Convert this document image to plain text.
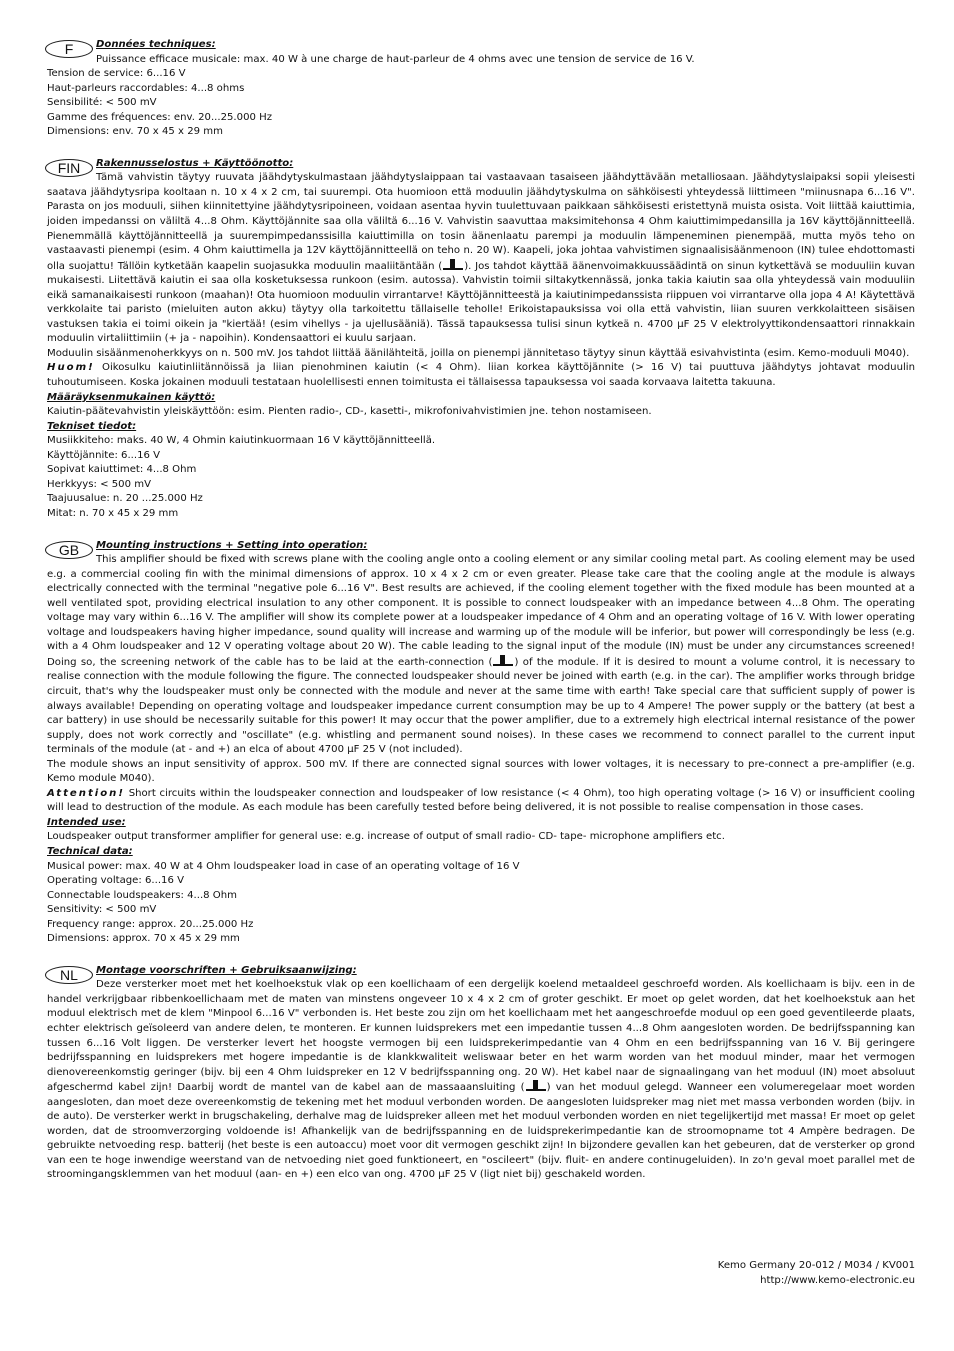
F	Données techniques:
Puissance efficace musicale: max. 40 W à une charge de haut-parleur de 4 ohms avec une tension de service de 16 V.
Tension de service: 6...16 V
Haut-parleurs raccordables: 4...8 ohms
Sensibilité: < 500 mV
Gamme des fréquences: env. 20...25.000 Hz
Dimensions: env. 70 x 45 x 29 mm
FIN	Rakennusselostus + Käyttöönotto:
Tämä vahvistin täytyy ruuvata jäähdytyskulmastaan jäähdytyslaippaan tai vastaavaan tasaiseen jäähdyttävään metalliosaan. Jäähdytyslaipaksi sopii yleisesti saatava jäähdytysripa kooltaan n. 10 x 4 x 2 cm, tai suurempi. Ota huomioon että moduulin jäähdytyskulma on sähköisesti yhteydessä liittimeen "miinusnapa 6...16 V". Parasta on jos moduuli, siihen kiinnitettyine jäähdytysripoineen, voidaan asentaa hyvin tuulettuvaan paikkaan sähköisesti eristettynä muista osista. Voit liittää kaiuttimia, joiden impedanssi on väliltä 4...8 Ohm. Käyttöjännite saa olla väliltä 6...16 V. Vahvistin saavuttaa maksimitehonsa 4 Ohm kaiuttimimpedansilla ja 16V käyttöjännitteellä. Pienemmällä käyttöjännitteellä ja suurempimpedanssisilla kaiuttimilla on tosin äänenlaatu parempi ja moduulin lämpeneminen pienempää, mutta myös teho on vastaavasti pienempi (esim. 4 Ohm kaiuttimella ja 12V käyttöjännitteellä on teho n. 20 W). Kaapeli, joka johtaa vahvistimen signaalisisäänmenoon (IN) tulee ehdottomasti olla suojattu! Tällöin kytketään kaapelin suojasukka moduulin maaliitäntään ( ). Jos tahdot käyttää äänenvoimakkuussäädintä on sinun kytkettävä se moduuliin kuvan mukaisesti. Liitettävä kaiutin ei saa olla kosketuksessa runkoon (esim. autossa). Vahvistin toimii siltakytkennässä, jonka takia kaiutin saa olla yhteydessä vain moduuliin eikä samanaikaisesti runkoon (maahan)! Ota huomioon moduulin virrantarve! Käyttöjännitteestä ja kaiutinimpedanssista riippuen voi virrantarve olla jopa 4 A! Käytettävä verkkolaite tai paristo (mieluiten auton akku) täytyy olla tarkoitettu tällaiselle teholle! Erikoistapauksissa voi olla että vahvistin, liian suuren verkkolaitteen sisäisen vastuksen takia ei toimi oikein ja "kiertää! (esim vihellys - ja ujellusääniä). Tässä tapauksessa tulisi sinun kytkeä n. 4700 µF 25 V elektrolyyttikondensaattori rinnakkain moduulin virtaliittimiin (+ ja - napoihin). Kondensaattori ei kuulu sarjaan.
Moduulin sisäänmenoherkkyys on n. 500 mV. Jos tahdot liittää äänilähteitä, joilla on pienempi jännitetaso täytyy sinun käyttää esivahvistinta (esim. Kemo-moduuli M040).
Huom! Oikosulku kaiutinliitännöissä ja liian pienohminen kaiutin (< 4 Ohm). liian korkea käyttöjännite (> 16 V) tai puuttuva jäähdytys johtavat moduulin tuhoutumiseen. Koska jokainen moduuli testataan huolellisesti ennen toimitusta ei tällaisessa tapauksessa voi saada korvaava laitetta takuuna.
Määräyksenmukainen käyttö:
Kaiutin-päätevahvistin yleiskäyttöön: esim. Pienten radio-, CD-, kasetti-, mikrofonivahvistimien jne. tehon nostamiseen.
Tekniset tiedot:
Musiikkiteho: maks. 40 W, 4 Ohmin kaiutinkuormaan 16 V käyttöjännitteellä.
Käyttöjännite: 6...16 V
Sopivat kaiuttimet: 4...8 Ohm
Herkkyys: < 500 mV
Taajuusalue: n. 20 ...25.000 Hz
Mitat: n. 70 x 45 x 29 mm
GB	Mounting instructions + Setting into operation:
This amplifier should be fixed with screws plane with the cooling angle onto a cooling element or any similar cooling metal part. As cooling element may be used e.g. a commercial cooling fin with the minimal dimensions of approx. 10 x 4 x 2 cm or even greater. Please take care that the cooling angle at the module is always electrically connected with the terminal "negative pole 6...16 V". Best results are achieved, if the cooling element together with the fixed module has been mounted at a well ventilated spot, providing electrical insulation to any other component. It is possible to connect loudspeaker with an impedance between 4...8 Ohm. The operating voltage may vary within 6...16 V. The amplifier will show its complete power at a loudspeaker impedance of 4 Ohm and an operating voltage of 16 V. With lower operating voltage and loudspeakers having higher impedance, sound quality will increase and warming up of the module will be inferior, but power will correspondingly be less (e.g. with a 4 Ohm loudspeaker and 12 V operating voltage about 20 W). The cable leading to the signal input of the module (IN) must be under any circumstances screened! Doing so, the screening network of the cable has to be laid at the earth-connection ( ) of the module. If it is desired to mount a volume control, it is necessary to realise connection with the module following the figure. The connected loudspeaker should never be joined with earth (e.g. in the car). The amplifier works through bridge circuit, that's why the loudspeaker must only be connected with the module and never at the same time with earth! Take special care that sufficient supply of power is always available! Depending on operating voltage and loudspeaker impedance current consumption may be up to 4 Ampere! The power supply or the battery (at best a car battery) in use should be necessarily suitable for this power! It may occur that the power amplifier, due to a extremely high electrical internal resistance of the power supply, does not work correctly and "oscillate" (e.g. whistling and permanent sound noises). In these cases we recommend to connect parallel to the current input terminals of the module (at - and +) an elca of about 4700 µF 25 V (not included).
The module shows an input sensitivity of approx. 500 mV. If there are connected signal sources with lower voltages, it is necessary to pre-connect a pre-amplifier (e.g. Kemo module M040).
Attention! Short circuits within the loudspeaker connection and loudspeaker of low resistance (< 4 Ohm), too high operating voltage (> 16 V) or insufficient cooling will lead to destruction of the module. As each module has been carefully tested before being delivered, it is not possible to realise compensation in those cases.
Intended use:
Loudspeaker output transformer amplifier for general use: e.g. increase of output of small radio- CD- tape- microphone amplifiers etc.
Technical data:
Musical power: max. 40 W at 4 Ohm loudspeaker load in case of an operating voltage of 16 V
Operating voltage: 6...16 V
Connectable loudspeakers: 4...8 Ohm
Sensitivity: < 500 mV
Frequency range: approx. 20...25.000 Hz
Dimensions: approx. 70 x 45 x 29 mm
NL	Montage voorschriften + Gebruiksaanwijzing:
Deze versterker moet met het koelhoekstuk vlak op een koellichaam of een dergelijk koelend metaaldeel geschroefd worden. Als koellichaam is bijv. een in de handel verkrijgbaar ribbenkoellichaam met de maten van minstens ongeveer 10 x 4 x 2 cm of groter geschikt. Er moet op gelet worden, dat het koelhoekstuk aan het moduul elektrisch met de klem "Minpool 6...16 V" verbonden is. Het beste zou zijn om het koellichaam met het aangeschroefde moduul op een goed geventileerde plaats, echter elektrisch geïsoleerd van andere delen, te monteren. Er kunnen luidsprekers met een impedantie tussen 4...8 Ohm aangesloten worden. De bedrijfsspanning kan tussen 6...16 Volt liggen. De versterker levert het hoogste vermogen bij een luidsprekerimpedantie van 4 Ohm en een bedrijfsspanning van 16 V. Bij geringere bedrijfsspanning en luidsprekers met hogere impedantie is de klankkwaliteit weliswaar beter en het warm worden van het moduul minder, maar het vermogen dienovereenkomstig geringer (bijv. bij een 4 Ohm luidspreker en 12 V bedrijfsspanning ong. 20 W). Het kabel naar de signaalingang van het moduul (IN) moet absoluut afgeschermd kabel zijn! Daarbij wordt de mantel van de kabel aan de massaaansluiting ( ) van het moduul gelegd. Wanneer een volumeregelaar moet worden aangesloten, dan moet deze overeenkomstig de tekening met het moduul verbonden worden. De aangesloten luidspreker mag niet met massa verbonden worden (bijv. in de auto). De versterker werkt in brugschakeling, derhalve mag de luidspreker alleen met het moduul verbonden worden en niet tegelijkertijd met massa! Er moet op gelet worden, dat de stroomverzorging voldoende is! Afhankelijk van de bedrijfsspanning en de luidsprekerimpedantie kan de stroomopname tot 4 Ampère bedragen. De gebruikte netvoeding resp. batterij (het beste is een autoaccu) moet voor dit vermogen geschikt zijn! In bijzondere gevallen kan het gebeuren, dat de versterker op grond van een te hoge inwendige weerstand van de netvoeding niet goed funktioneert, en "oscileert" (bijv. fluit- en andere continugeluiden). In zo'n geval moet parallel met de stroomingangsklemmen van het moduul (aan- en +) een elco van ong. 4700 µF 25 V (ligt niet bij) geschakeld worden.
Kemo Germany 20-012 / M034 / KV001
http://www.kemo-electronic.eu
